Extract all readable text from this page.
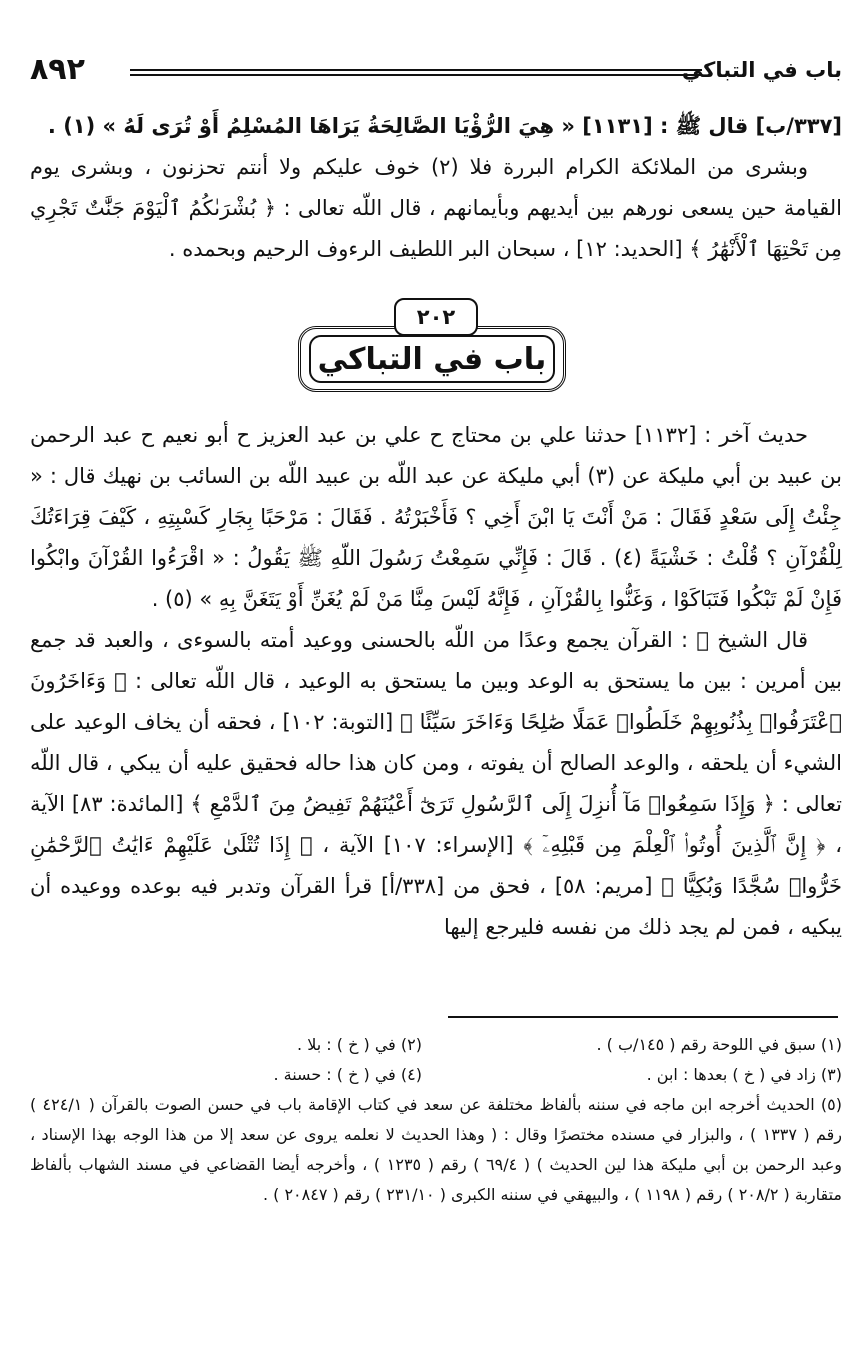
باب في التباكي
٨٩٢

[٣٣٧/ب] قال ﷺ : [١١٣١] « هِيَ الرُّؤْيَا الصَّالِحَةُ يَرَاهَا المُسْلِمُ أَوْ تُرَى لَهُ » (١) .

وبشرى من الملائكة الكرام البررة فلا (٢) خوف عليكم ولا أنتم تحزنون ، وبشرى يوم القيامة حين يسعى نورهم بين أيديهم وبأيمانهم ، قال اللّه تعالى : ﴿ بُشْرَىٰكُمُ ٱلْيَوْمَ جَنَّٰتٌ تَجْرِي مِن تَحْتِهَا ٱلْأَنْهَٰرُ ﴾ [الحديد: ١٢] ، سبحان البر اللطيف الرءوف الرحيم وبحمده .

باب في التباكي
٢٠٢

حديث آخر : [١١٣٢] حدثنا علي بن محتاج ح علي بن عبد العزيز ح أبو نعيم ح عبد الرحمن بن عبيد بن أبي مليكة عن (٣) أبي مليكة عن عبد اللّه بن عبيد اللّه بن السائب بن نهيك قال : « جِئْتُ إِلَى سَعْدٍ فَقَالَ : مَنْ أَنْتَ يَا ابْنَ أَخِي ؟ فَأَخْبَرْتُهُ . فَقَالَ : مَرْحَبًا بِجَارِ كَسْبِتِهِ ، كَيْفَ قِرَاءَتُكَ لِلْقُرْآنِ ؟ قُلْتُ : خَشْيَةً (٤) . قَالَ : فَإِنِّي سَمِعْتُ رَسُولَ اللّهِ ﷺ يَقُولُ : « اقْرَءُوا القُرْآنَ وابْكُوا فَإِنْ لَمْ تَبْكُوا فَتَبَاكَوْا ، وَغَنُّوا بِالقُرْآنِ ، فَإِنَّهُ لَيْسَ مِنَّا مَنْ لَمْ يُغَنِّ أَوْ يَتَغَنَّ بِهِ » (٥) .

قال الشيخ ﷺ : القرآن يجمع وعدًا من اللّه بالحسنى ووعيد أمته بالسوءى ، والعبد قد جمع بين أمرين : بين ما يستحق به الوعد وبين ما يستحق به الوعيد ، قال اللّه تعالى : ﴿ وَءَاخَرُونَ ٱعْتَرَفُوا۟ بِذُنُوبِهِمْ خَلَطُوا۟ عَمَلًا صَٰلِحًا وَءَاخَرَ سَيِّئًا ﴾ [التوبة: ١٠٢] ، فحقه أن يخاف الوعيد على الشيء أن يلحقه ، والوعد الصالح أن يفوته ، ومن كان هذا حاله فحقيق عليه أن يبكي ، قال اللّه تعالى : ﴿ وَإِذَا سَمِعُوا۟ مَآ أُنزِلَ إِلَى ٱلرَّسُولِ تَرَىٰٓ أَعْيُنَهُمْ تَفِيضُ مِنَ ٱلدَّمْعِ ﴾ [المائدة: ٨٣] الآية ، ﴿ إِنَّ ٱلَّذِينَ أُوتُوا۟ ٱلْعِلْمَ مِن قَبْلِهِۦٓ ﴾ [الإسراء: ١٠٧] الآية ، ﴿ إِذَا تُتْلَىٰ عَلَيْهِمْ ءَايَٰتُ ٱلرَّحْمَٰنِ خَرُّوا۟ سُجَّدًا وَبُكِيًّا ﴾ [مريم: ٥٨] ، فحق من [٣٣٨/أ] قرأ القرآن وتدبر فيه بوعده ووعيده أن يبكيه ، فمن لم يجد ذلك من نفسه فليرجع إليها

(١) سبق في اللوحة رقم ( ١٤٥/ب ) .
(٢) في ( خ ) : بلا .
(٣) زاد في ( خ ) بعدها : ابن .
(٤) في ( خ ) : حسنة .
(٥) الحديث أخرجه ابن ماجه في سننه بألفاظ مختلفة عن سعد في كتاب الإقامة باب في حسن الصوت بالقرآن ( ٤٢٤/١ ) رقم ( ١٣٣٧ ) ، والبزار في مسنده مختصرًا وقال : ( وهذا الحديث لا نعلمه يروى عن سعد إلا من هذا الوجه بهذا الإسناد ، وعبد الرحمن بن أبي مليكة هذا لين الحديث ) ( ٦٩/٤ ) رقم ( ١٢٣٥ ) ، وأخرجه أيضا القضاعي في مسند الشهاب بألفاظ متقاربة ( ٢٠٨/٢ ) رقم ( ١١٩٨ ) ، والبيهقي في سننه الكبرى ( ٢٣١/١٠ ) رقم ( ٢٠٨٤٧ ) .
